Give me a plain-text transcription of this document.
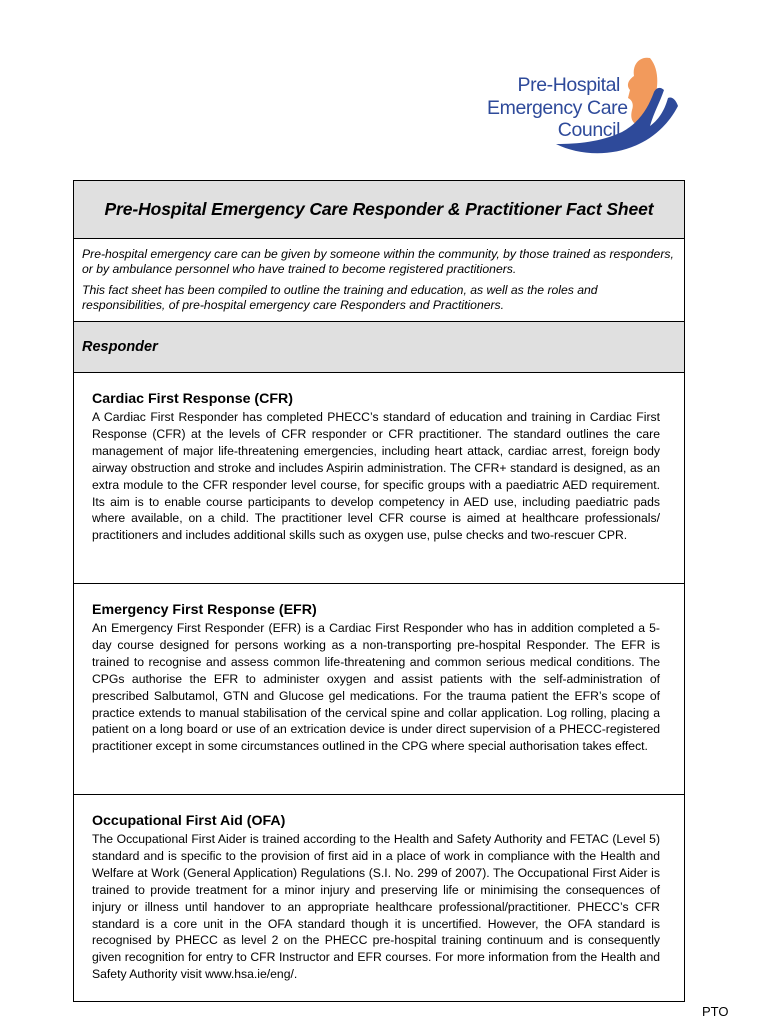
Pre-Hospital
Emergency Care
Council
Pre-Hospital Emergency Care Responder & Practitioner Fact Sheet

Pre-hospital emergency care can be given by someone within the community, by those trained as responders, or by ambulance personnel who have trained to become registered practitioners.

This fact sheet has been compiled to outline the training and education, as well as the roles and responsibilities, of pre-hospital emergency care Responders and Practitioners.

Responder
Cardiac First Response (CFR)

A Cardiac First Responder has completed PHECC’s standard of education and training in Cardiac First Response (CFR) at the levels of CFR responder or CFR practitioner. The standard outlines the care management of major life-threatening emergencies, including heart attack, cardiac arrest, foreign body airway obstruction and stroke and includes Aspirin administration. The CFR+ standard is designed, as an extra module to the CFR responder level course, for specific groups with a paediatric AED requirement. Its aim is to enable course participants to develop competency in AED use, including paediatric pads where available, on a child. The practitioner level CFR course is aimed at healthcare professionals/ practitioners and includes additional skills such as oxygen use, pulse checks and two-rescuer CPR.

Emergency First Response (EFR)

An Emergency First Responder (EFR) is a Cardiac First Responder who has in addition completed a 5-day course designed for persons working as a non-transporting pre-hospital Responder. The EFR is trained to recognise and assess common life-threatening and common serious medical conditions. The CPGs authorise the EFR to administer oxygen and assist patients with the self-administration of prescribed Salbutamol, GTN and Glucose gel medications. For the trauma patient the EFR’s scope of practice extends to manual stabilisation of the cervical spine and collar application. Log rolling, placing a patient on a long board or use of an extrication device is under direct supervision of a PHECC-registered practitioner except in some circumstances outlined in the CPG where special authorisation takes effect.

Occupational First Aid (OFA)

The Occupational First Aider is trained according to the Health and Safety Authority and FETAC (Level 5) standard and is specific to the provision of first aid in a place of work in compliance with the Health and Welfare at Work (General Application) Regulations (S.I. No. 299 of 2007). The Occupational First Aider is trained to provide treatment for a minor injury and preserving life or minimising the consequences of injury or illness until handover to an appropriate healthcare professional/practitioner. PHECC’s CFR standard is a core unit in the OFA standard though it is uncertified. However, the OFA standard is recognised by PHECC as level 2 on the PHECC pre-hospital training continuum and is consequently given recognition for entry to CFR Instructor and EFR courses. For more information from the Health and Safety Authority visit www.hsa.ie/eng/.

PTO
